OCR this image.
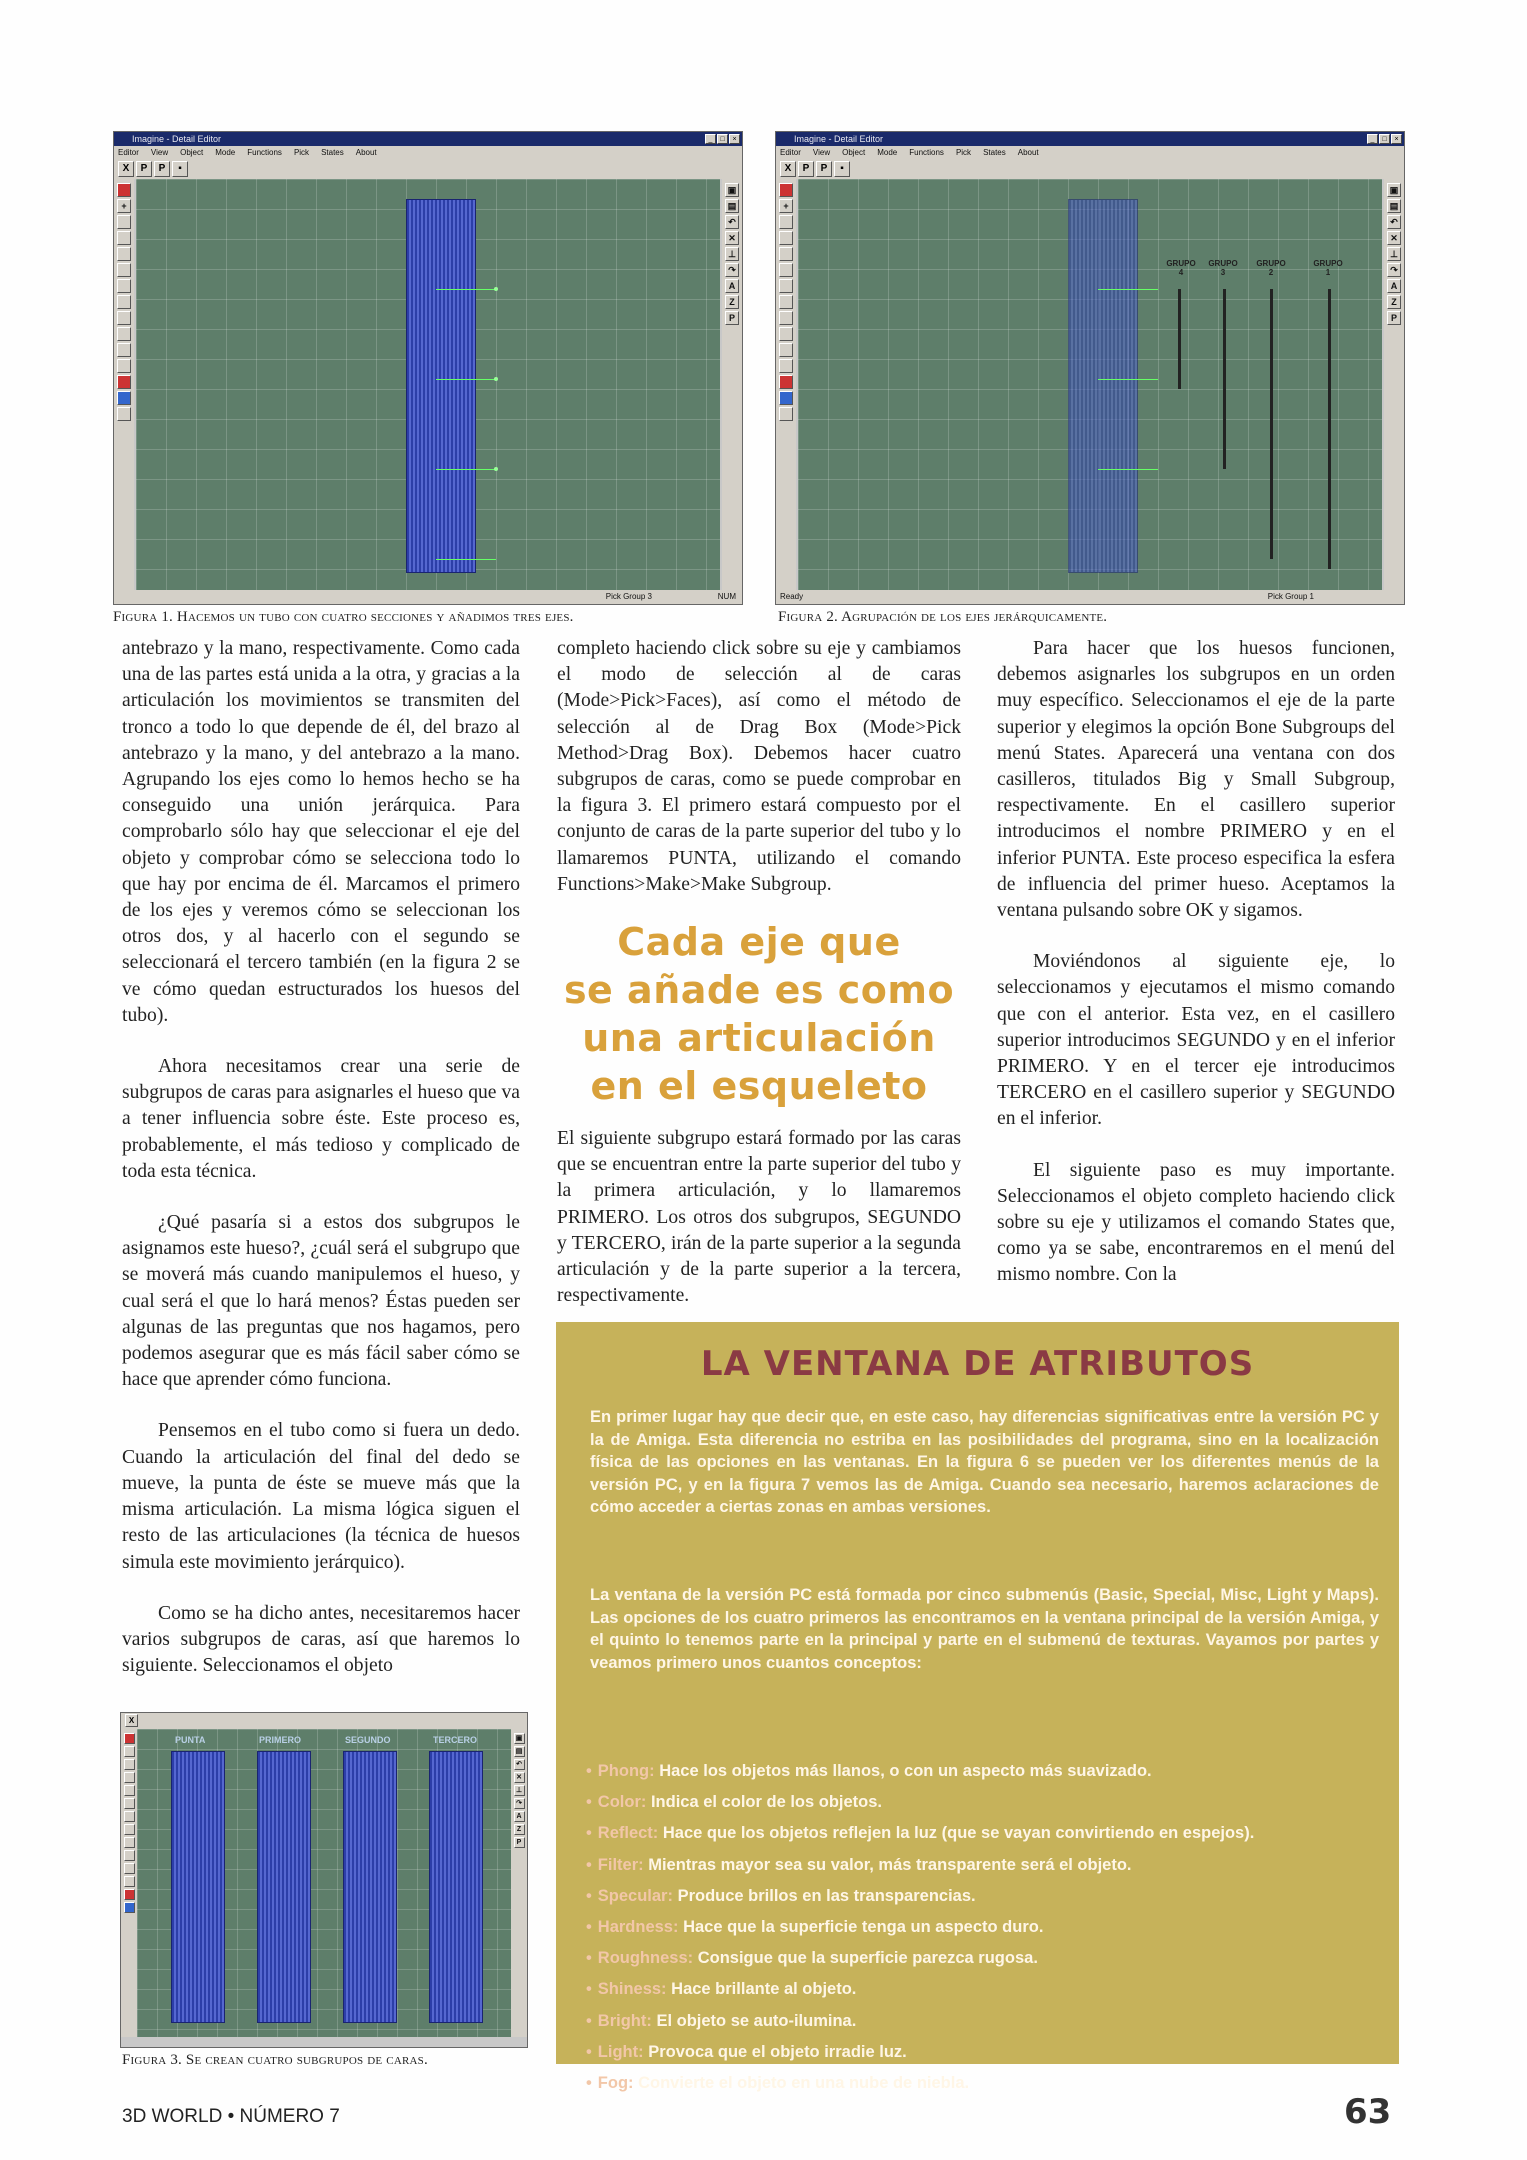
Imagine - Detail Editor	_	□	×
Editor View Object Mode Functions Pick States About
X	P	P	▪
+
▣
▤
↶
✕
⊥
↷
A
Z
P
Pick Group 3	NUM
Figura 1. Hacemos un tubo con cuatro secciones y añadimos tres ejes.
Imagine - Detail Editor	_	□	×
Editor View Object Mode Functions Pick States About
X	P	P	▪
+
▣
▤
↶
✕
⊥
↷
A
Z
P
GRUPO
4
GRUPO
3
GRUPO
2
GRUPO
1
Ready	Pick Group 1
Figura 2. Agrupación de los ejes jerárquicamente.

antebrazo y la mano, respectivamente. Como cada una de las partes está unida a la otra, y gracias a la articulación los movimientos se transmiten del tronco a todo lo que depende de él, del brazo al antebrazo y la mano, y del antebrazo a la mano. Agrupando los ejes como lo hemos hecho se ha conseguido una unión jerárquica. Para comprobarlo sólo hay que seleccionar el eje del objeto y comprobar cómo se selecciona todo lo que hay por encima de él. Marcamos el primero de los ejes y veremos cómo se seleccionan los otros dos, y al hacerlo con el segundo se seleccionará el tercero también (en la figura 2 se ve cómo quedan estructurados los huesos del tubo).

Ahora necesitamos crear una serie de subgrupos de caras para asignarles el hueso que va a tener influencia sobre éste. Este proceso es, probablemente, el más tedioso y complicado de toda esta técnica.

¿Qué pasaría si a estos dos subgrupos le asignamos este hueso?, ¿cuál será el subgrupo que se moverá más cuando manipulemos el hueso, y cual será el que lo hará menos? Éstas pueden ser algunas de las preguntas que nos hagamos, pero podemos asegurar que es más fácil saber cómo se hace que aprender cómo funciona.

Pensemos en el tubo como si fuera un dedo. Cuando la articulación del final del dedo se mueve, la punta de éste se mueve más que la misma articulación. La misma lógica siguen el resto de las articulaciones (la técnica de huesos simula este movimiento jerárquico).

Como se ha dicho antes, necesitaremos hacer varios subgrupos de caras, así que haremos lo siguiente. Seleccionamos el objeto

completo haciendo click sobre su eje y cambiamos el modo de selección al de caras (Mode>Pick>Faces), así como el método de selección al de Drag Box (Mode>Pick Method>Drag Box). Debemos hacer cuatro subgrupos de caras, como se puede comprobar en la figura 3. El primero estará compuesto por el conjunto de caras de la parte superior del tubo y lo llamaremos PUNTA, utilizando el comando Functions>Make>Make Subgroup.

Cada eje que
se añade es como
una articulación
en el esqueleto

El siguiente subgrupo estará formado por las caras que se encuentran entre la parte superior del tubo y la primera articulación, y lo llamaremos PRIMERO. Los otros dos subgrupos, SEGUNDO y TERCERO, irán de la parte superior a la segunda articulación y de la parte superior a la tercera, respectivamente.

Para hacer que los huesos funcionen, debemos asignarles los subgrupos en un orden muy específico. Seleccionamos el eje de la parte superior y elegimos la opción Bone Subgroups del menú States. Aparecerá una ventana con dos casilleros, titulados Big y Small Subgroup, respectivamente. En el casillero superior introducimos el nombre PRIMERO y en el inferior PUNTA. Este proceso especifica la esfera de influencia del primer hueso. Aceptamos la ventana pulsando sobre OK y sigamos.

Moviéndonos al siguiente eje, lo seleccionamos y ejecutamos el mismo comando que con el anterior. Esta vez, en el casillero superior introducimos SEGUNDO y en el inferior PRIMERO. Y en el tercer eje introducimos TERCERO en el casillero superior y SEGUNDO en el inferior.

El siguiente paso es muy importante. Seleccionamos el objeto completo haciendo click sobre su eje y utilizamos el comando States que, como ya se sabe, encontraremos en el menú del mismo nombre. Con la

LA VENTANA DE ATRIBUTOS
En primer lugar hay que decir que, en este caso, hay diferencias significativas entre la versión PC y la de Amiga. Esta diferencia no estriba en las posibilidades del programa, sino en la localización física de las opciones en las ventanas. En la figura 6 se pueden ver los diferentes menús de la versión PC, y en la figura 7 vemos las de Amiga. Cuando sea necesario, haremos aclaraciones de cómo acceder a ciertas zonas en ambas versiones.
La ventana de la versión PC está formada por cinco submenús (Basic, Special, Misc, Light y Maps). Las opciones de los cuatro primeros las encontramos en la ventana principal de la versión Amiga, y el quinto lo tenemos parte en la principal y parte en el submenú de texturas. Vayamos por partes y veamos primero unos cuantos conceptos:
• Phong: Hace los objetos más llanos, o con un aspecto más suavizado.
• Color: Indica el color de los objetos.
• Reflect: Hace que los objetos reflejen la luz (que se vayan convirtiendo en espejos).
• Filter: Mientras mayor sea su valor, más transparente será el objeto.
• Specular: Produce brillos en las transparencias.
• Hardness: Hace que la superficie tenga un aspecto duro.
• Roughness: Consigue que la superficie parezca rugosa.
• Shiness: Hace brillante al objeto.
• Bright: El objeto se auto-ilumina.
• Light: Provoca que el objeto irradie luz.
• Fog: Convierte el objeto en una nube de niebla.
X
▣
▤
↶
✕
⊥
↷
A
Z
P
PUNTA	PRIMERO	SEGUNDO	TERCERO
Figura 3. Se crean cuatro subgrupos de caras.
3D WORLD • NÚMERO 7	63
